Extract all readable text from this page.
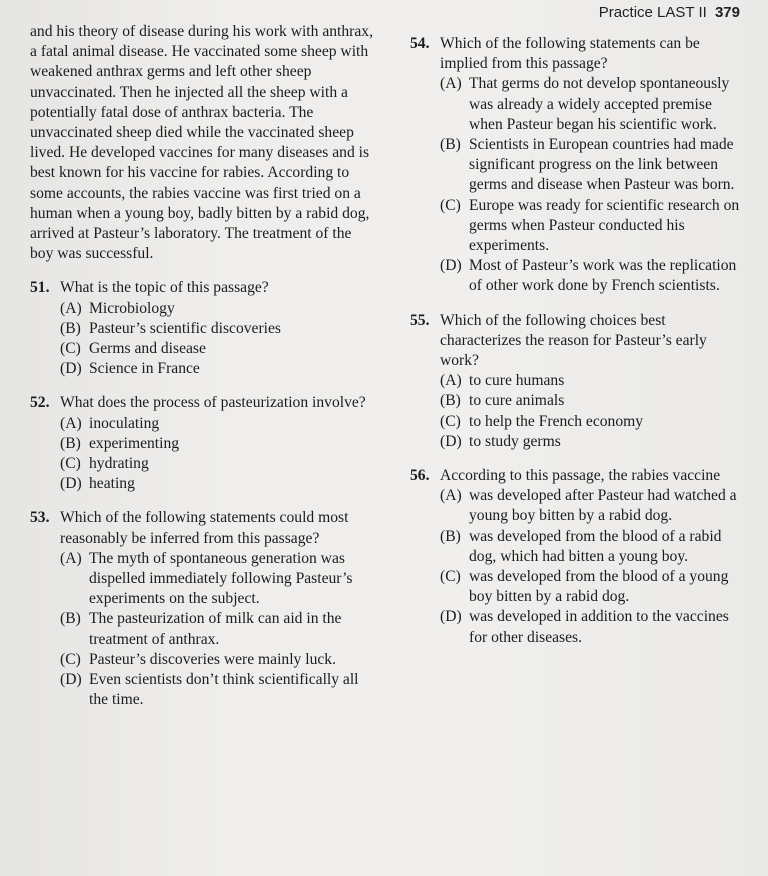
Practice LAST II 379

and his theory of disease during his work with anthrax, a fatal animal disease. He vaccinated some sheep with weakened anthrax germs and left other sheep unvaccinated. Then he injected all the sheep with a potentially fatal dose of anthrax bacteria. The unvaccinated sheep died while the vaccinated sheep lived. He developed vaccines for many diseases and is best known for his vaccine for rabies. According to some accounts, the rabies vaccine was first tried on a human when a young boy, badly bitten by a rabid dog, arrived at Pasteur’s laboratory. The treatment of the boy was successful.

51. What is the topic of this passage?
(A) Microbiology
(B) Pasteur’s scientific discoveries
(C) Germs and disease
(D) Science in France
52. What does the process of pasteurization involve?
(A) inoculating
(B) experimenting
(C) hydrating
(D) heating
53. Which of the following statements could most reasonably be inferred from this passage?
(A) The myth of spontaneous generation was dispelled immediately following Pasteur’s experiments on the subject.
(B) The pasteurization of milk can aid in the treatment of anthrax.
(C) Pasteur’s discoveries were mainly luck.
(D) Even scientists don’t think scientifically all the time.
54. Which of the following statements can be implied from this passage?
(A) That germs do not develop spontaneously was already a widely accepted premise when Pasteur began his scientific work.
(B) Scientists in European countries had made significant progress on the link between germs and disease when Pasteur was born.
(C) Europe was ready for scientific research on germs when Pasteur conducted his experiments.
(D) Most of Pasteur’s work was the replication of other work done by French scientists.
55. Which of the following choices best characterizes the reason for Pasteur’s early work?
(A) to cure humans
(B) to cure animals
(C) to help the French economy
(D) to study germs
56. According to this passage, the rabies vaccine
(A) was developed after Pasteur had watched a young boy bitten by a rabid dog.
(B) was developed from the blood of a rabid dog, which had bitten a young boy.
(C) was developed from the blood of a young boy bitten by a rabid dog.
(D) was developed in addition to the vaccines for other diseases.
